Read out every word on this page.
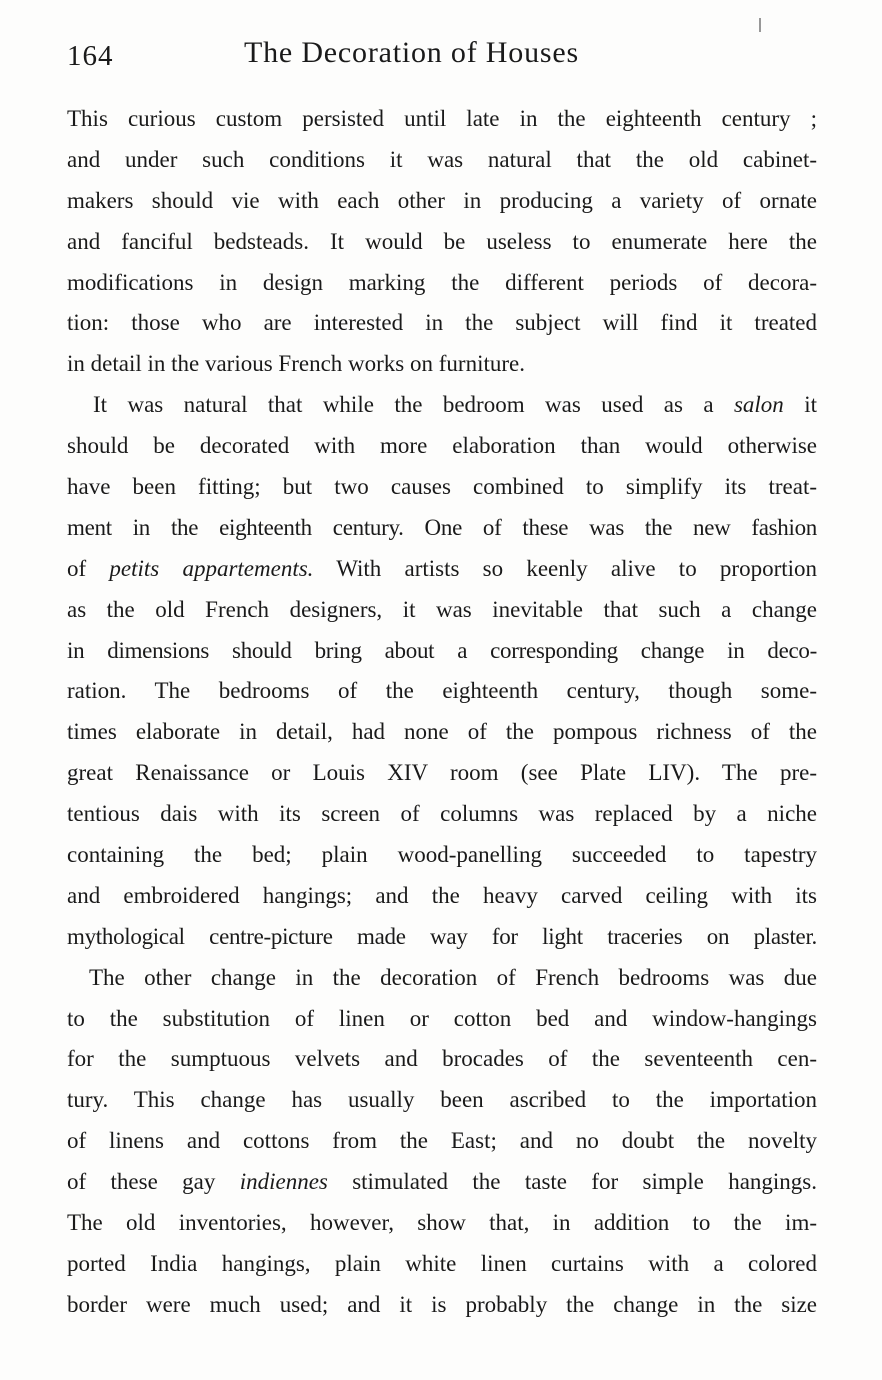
164	The Decoration of Houses
This curious custom persisted until late in the eighteenth century ;
and under such conditions it was natural that the old cabinet-
makers should vie with each other in producing a variety of ornate
and fanciful bedsteads. It would be useless to enumerate here the
modifications in design marking the different periods of decora-
tion: those who are interested in the subject will find it treated
in detail in the various French works on furniture.
It was natural that while the bedroom was used as a salon it
should be decorated with more elaboration than would otherwise
have been fitting; but two causes combined to simplify its treat-
ment in the eighteenth century. One of these was the new fashion
of petits appartements. With artists so keenly alive to proportion
as the old French designers, it was inevitable that such a change
in dimensions should bring about a corresponding change in deco-
ration. The bedrooms of the eighteenth century, though some-
times elaborate in detail, had none of the pompous richness of the
great Renaissance or Louis XIV room (see Plate LIV). The pre-
tentious dais with its screen of columns was replaced by a niche
containing the bed; plain wood-panelling succeeded to tapestry
and embroidered hangings; and the heavy carved ceiling with its
mythological centre-picture made way for light traceries on plaster.
The other change in the decoration of French bedrooms was due
to the substitution of linen or cotton bed and window-hangings
for the sumptuous velvets and brocades of the seventeenth cen-
tury. This change has usually been ascribed to the importation
of linens and cottons from the East; and no doubt the novelty
of these gay indiennes stimulated the taste for simple hangings.
The old inventories, however, show that, in addition to the im-
ported India hangings, plain white linen curtains with a colored
border were much used; and it is probably the change in the size
